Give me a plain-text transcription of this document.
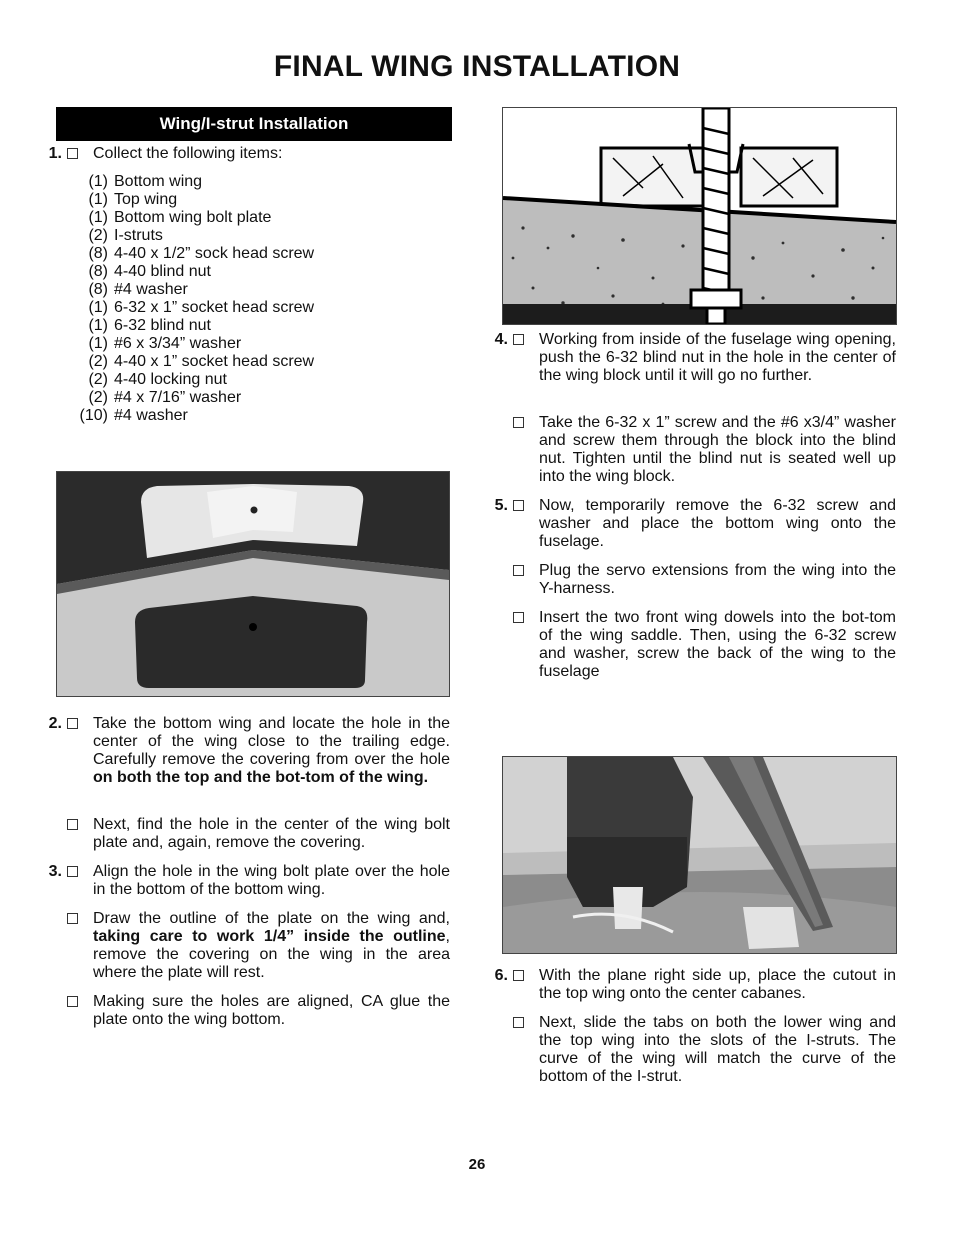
FINAL WING INSTALLATION
Wing/I-strut Installation
1. Collect the following items:
(1) Bottom wing
(1) Top wing
(1) Bottom wing bolt plate
(2) I-struts
(8) 4-40 x 1/2” sock head screw
(8) 4-40 blind nut
(8) #4 washer
(1) 6-32 x 1” socket head screw
(1) 6-32 blind nut
(1) #6 x 3/34” washer
(2) 4-40 x 1” socket head screw
(2) 4-40 locking nut
(2) #4 x 7/16” washer
(10) #4 washer
2. Take the bottom wing and locate the hole in the center of the wing close to the trailing edge. Carefully remove the covering from over the hole on both the top and the bot-tom of the wing.
Next, find the hole in the center of the wing bolt plate and, again, remove the covering.
3. Align the hole in the wing bolt plate over the hole in the bottom of the bottom wing.
Draw the outline of the plate on the wing and, taking care to work 1/4” inside the outline, remove the covering on the wing in the area where the plate will rest.
Making sure the holes are aligned, CA glue the plate onto the wing bottom.
4. Working from inside of the fuselage wing opening, push the 6-32 blind nut in the hole in the center of the wing block until it will go no further.
Take the 6-32 x 1” screw and the #6 x3/4” washer and screw them through the block into the blind nut. Tighten until the blind nut is seated well up into the wing block.
5. Now, temporarily remove the 6-32 screw and washer and place the bottom wing onto the fuselage.
Plug the servo extensions from the wing into the Y-harness.
Insert the two front wing dowels into the bot-tom of the wing saddle. Then, using the 6-32 screw and washer, screw the back of the wing to the fuselage
6. With the plane right side up, place the cutout in the top wing onto the center cabanes.
Next, slide the tabs on both the lower wing and the top wing into the slots of the I-struts. The curve of the wing will match the curve of the bottom of the I-strut.
26
